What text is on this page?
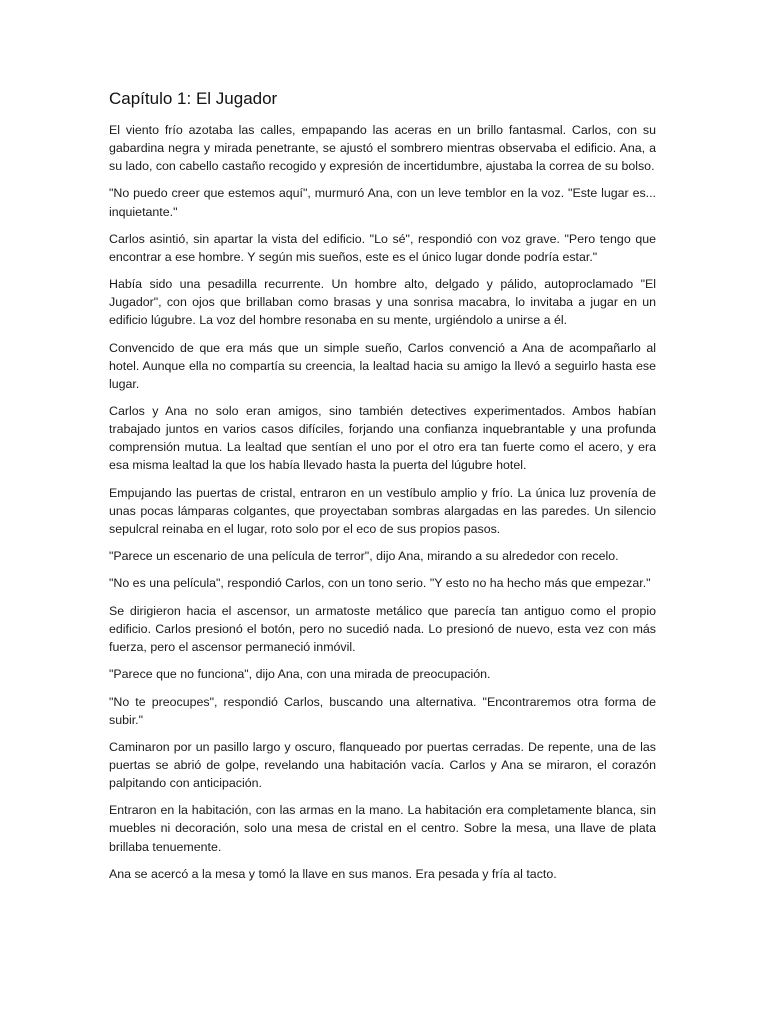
Capítulo 1: El Jugador

El viento frío azotaba las calles, empapando las aceras en un brillo fantasmal. Carlos, con su gabardina negra y mirada penetrante, se ajustó el sombrero mientras observaba el edificio. Ana, a su lado, con cabello castaño recogido y expresión de incertidumbre, ajustaba la correa de su bolso.

"No puedo creer que estemos aquí", murmuró Ana, con un leve temblor en la voz. "Este lugar es... inquietante."

Carlos asintió, sin apartar la vista del edificio. "Lo sé", respondió con voz grave. "Pero tengo que encontrar a ese hombre. Y según mis sueños, este es el único lugar donde podría estar."

Había sido una pesadilla recurrente. Un hombre alto, delgado y pálido, autoproclamado "El Jugador", con ojos que brillaban como brasas y una sonrisa macabra, lo invitaba a jugar en un edificio lúgubre. La voz del hombre resonaba en su mente, urgiéndolo a unirse a él.

Convencido de que era más que un simple sueño, Carlos convenció a Ana de acompañarlo al hotel. Aunque ella no compartía su creencia, la lealtad hacia su amigo la llevó a seguirlo hasta ese lugar.

Carlos y Ana no solo eran amigos, sino también detectives experimentados. Ambos habían trabajado juntos en varios casos difíciles, forjando una confianza inquebrantable y una profunda comprensión mutua. La lealtad que sentían el uno por el otro era tan fuerte como el acero, y era esa misma lealtad la que los había llevado hasta la puerta del lúgubre hotel.

Empujando las puertas de cristal, entraron en un vestíbulo amplio y frío. La única luz provenía de unas pocas lámparas colgantes, que proyectaban sombras alargadas en las paredes. Un silencio sepulcral reinaba en el lugar, roto solo por el eco de sus propios pasos.

"Parece un escenario de una película de terror", dijo Ana, mirando a su alrededor con recelo.

"No es una película", respondió Carlos, con un tono serio. "Y esto no ha hecho más que empezar."

Se dirigieron hacia el ascensor, un armatoste metálico que parecía tan antiguo como el propio edificio. Carlos presionó el botón, pero no sucedió nada. Lo presionó de nuevo, esta vez con más fuerza, pero el ascensor permaneció inmóvil.

"Parece que no funciona", dijo Ana, con una mirada de preocupación.

"No te preocupes", respondió Carlos, buscando una alternativa. "Encontraremos otra forma de subir."

Caminaron por un pasillo largo y oscuro, flanqueado por puertas cerradas. De repente, una de las puertas se abrió de golpe, revelando una habitación vacía. Carlos y Ana se miraron, el corazón palpitando con anticipación.

Entraron en la habitación, con las armas en la mano. La habitación era completamente blanca, sin muebles ni decoración, solo una mesa de cristal en el centro. Sobre la mesa, una llave de plata brillaba tenuemente.

Ana se acercó a la mesa y tomó la llave en sus manos. Era pesada y fría al tacto.
